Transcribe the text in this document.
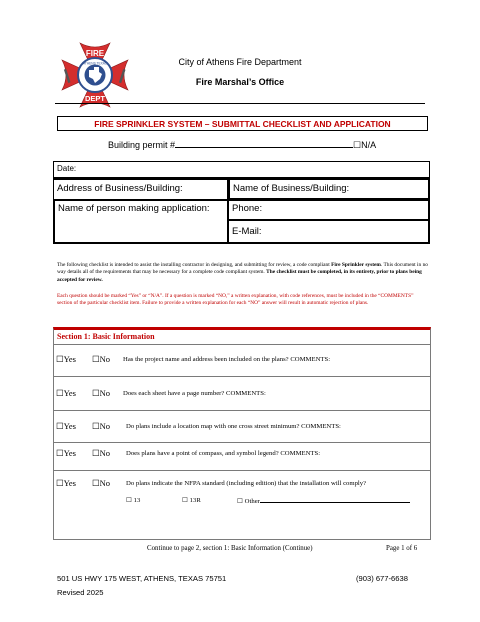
FIRE
DEPT
ATHENS TEXAS	City of Athens Fire Department
Fire Marshal’s Office
FIRE SPRINKLER SYSTEM – SUBMITTAL CHECKLIST AND APPLICATION
Building permit #	☐N/A
Date:
Address of Business/Building:	Name of Business/Building:
Name of person making application:	Phone:
E-Mail:
The following checklist is intended to assist the installing contractor in designing, and submitting for review, a code compliant Fire Sprinkler system. This document in no way details all of the requirements that may be necessary for a complete code compliant system. The checklist must be completed, in its entirety, prior to plans being accepted for review.
Each question should be marked “Yes” or “N/A”. If a question is marked “NO,” a written explanation, with code references, must be included in the “COMMENTS” section of the particular checklist item. Failure to provide a written explanation for each “NO” answer will result in automatic rejection of plans.
Section 1: Basic Information
☐Yes ☐No Has the project name and address been included on the plans? COMMENTS:
☐Yes ☐No Does each sheet have a page number? COMMENTS:
☐Yes ☐No Do plans include a location map with one cross street minimum? COMMENTS:
☐Yes ☐No Does plans have a point of compass, and symbol legend? COMMENTS:
☐Yes ☐No Do plans indicate the NFPA standard (including edition) that the installation will comply?
☐ 13	☐ 13R	☐ Other
Continue to page 2, section 1: Basic Information (Continue)	Page 1 of 6
501 US HWY 175 WEST, ATHENS, TEXAS 75751	(903) 677-6638
Revised 2025
